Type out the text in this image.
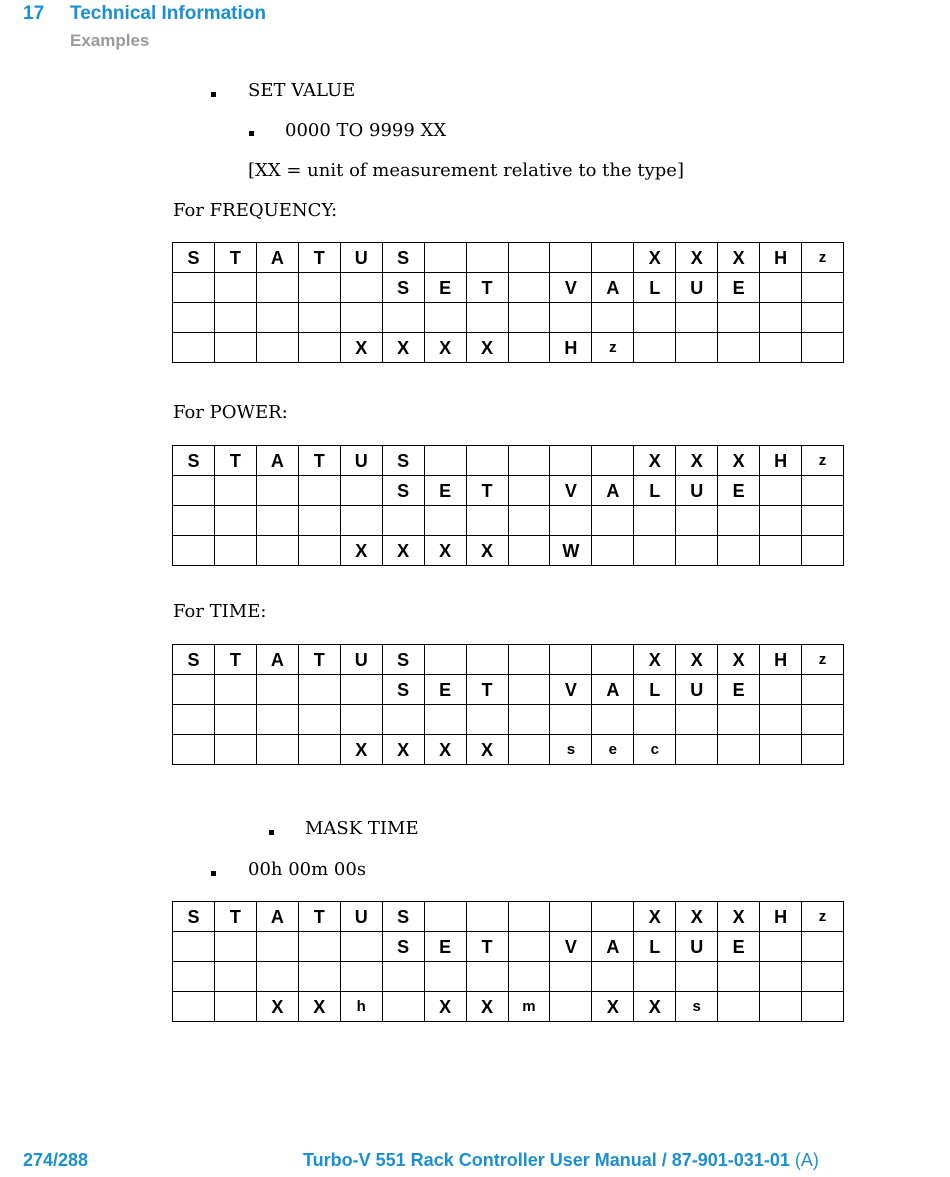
17 Technical Information
Examples
SET VALUE
0000 TO 9999 XX
[XX = unit of measurement relative to the type]
For FREQUENCY:
S	T	A	T	U	S						X	X	X	H	z
					S	E	T		V	A	L	U	E		

				X	X	X	X		H	z					
For POWER:
S	T	A	T	U	S						X	X	X	H	z
					S	E	T		V	A	L	U	E		

				X	X	X	X		W						
For TIME:
S	T	A	T	U	S						X	X	X	H	z
					S	E	T		V	A	L	U	E		

				X	X	X	X		s	e	c				
MASK TIME
00h 00m 00s
S	T	A	T	U	S						X	X	X	H	z
					S	E	T		V	A	L	U	E		

		X	X	h		X	X	m		X	X	s			
274/288	Turbo-V 551 Rack Controller User Manual / 87-901-031-01 (A)
